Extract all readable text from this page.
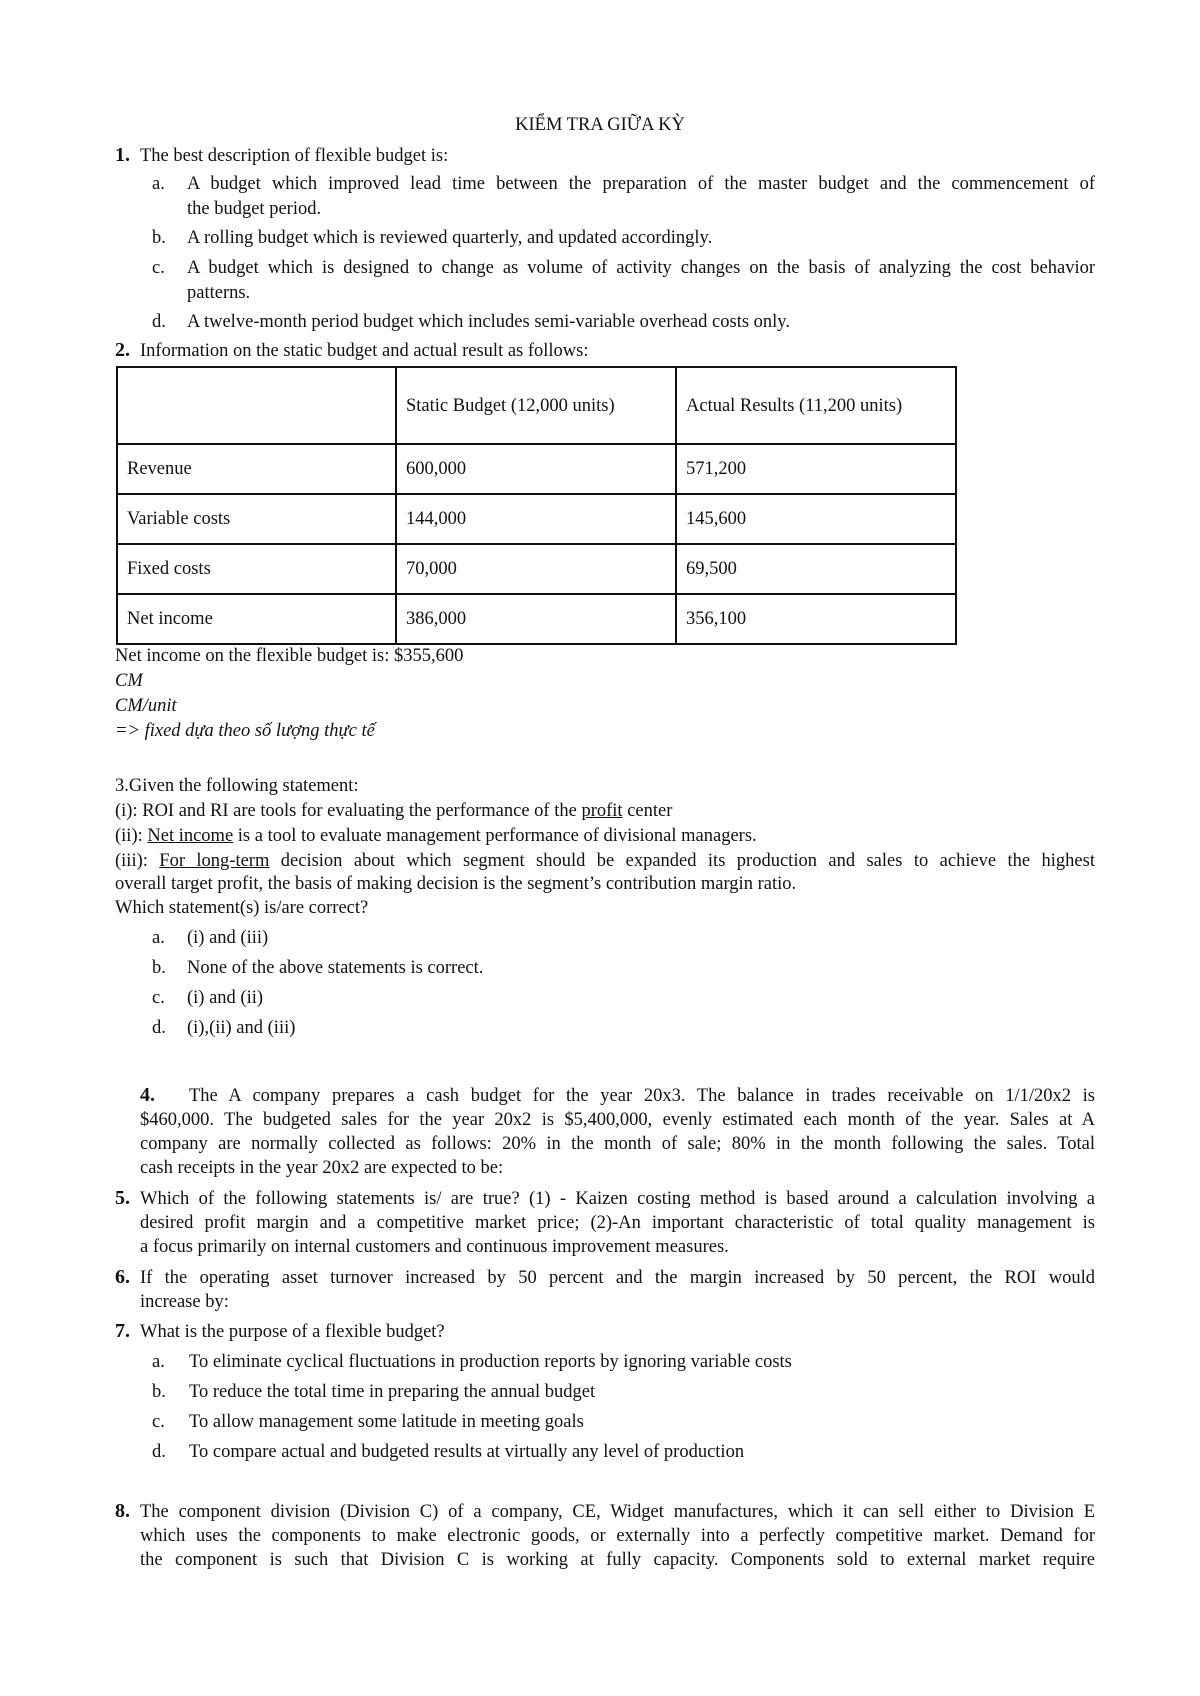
KIỂM TRA GIỮA KỲ
1. The best description of flexible budget is:
a. A budget which improved lead time between the preparation of the master budget and the commencement of
the budget period.
b. A rolling budget which is reviewed quarterly, and updated accordingly.
c. A budget which is designed to change as volume of activity changes on the basis of analyzing the cost behavior
patterns.
d. A twelve-month period budget which includes semi-variable overhead costs only.
2. Information on the static budget and actual result as follows:
	Static Budget (12,000 units)	Actual Results (11,200 units)
Revenue	600,000	571,200
Variable costs	144,000	145,600
Fixed costs	70,000	69,500
Net income	386,000	356,100
Net income on the flexible budget is: $355,600
CM
CM/unit
=> fixed dựa theo số lượng thực tế
3.Given the following statement:
(i): ROI and RI are tools for evaluating the performance of the profit center
(ii): Net income is a tool to evaluate management performance of divisional managers.
(iii): For long-term decision about which segment should be expanded its production and sales to achieve the highest
overall target profit, the basis of making decision is the segment’s contribution margin ratio.
Which statement(s) is/are correct?
a. (i) and (iii)
b. None of the above statements is correct.
c. (i) and (ii)
d. (i),(ii) and (iii)
4. The A company prepares a cash budget for the year 20x3. The balance in trades receivable on 1/1/20x2 is
$460,000. The budgeted sales for the year 20x2 is $5,400,000, evenly estimated each month of the year. Sales at A
company are normally collected as follows: 20% in the month of sale; 80% in the month following the sales. Total
cash receipts in the year 20x2 are expected to be:
5. Which of the following statements is/ are true? (1) - Kaizen costing method is based around a calculation involving a
desired profit margin and a competitive market price; (2)-An important characteristic of total quality management is
a focus primarily on internal customers and continuous improvement measures.
6. If the operating asset turnover increased by 50 percent and the margin increased by 50 percent, the ROI would
increase by:
7. What is the purpose of a flexible budget?
a. To eliminate cyclical fluctuations in production reports by ignoring variable costs
b. To reduce the total time in preparing the annual budget
c. To allow management some latitude in meeting goals
d. To compare actual and budgeted results at virtually any level of production
8. The component division (Division C) of a company, CE, Widget manufactures, which it can sell either to Division E
which uses the components to make electronic goods, or externally into a perfectly competitive market. Demand for
the component is such that Division C is working at fully capacity. Components sold to external market require
